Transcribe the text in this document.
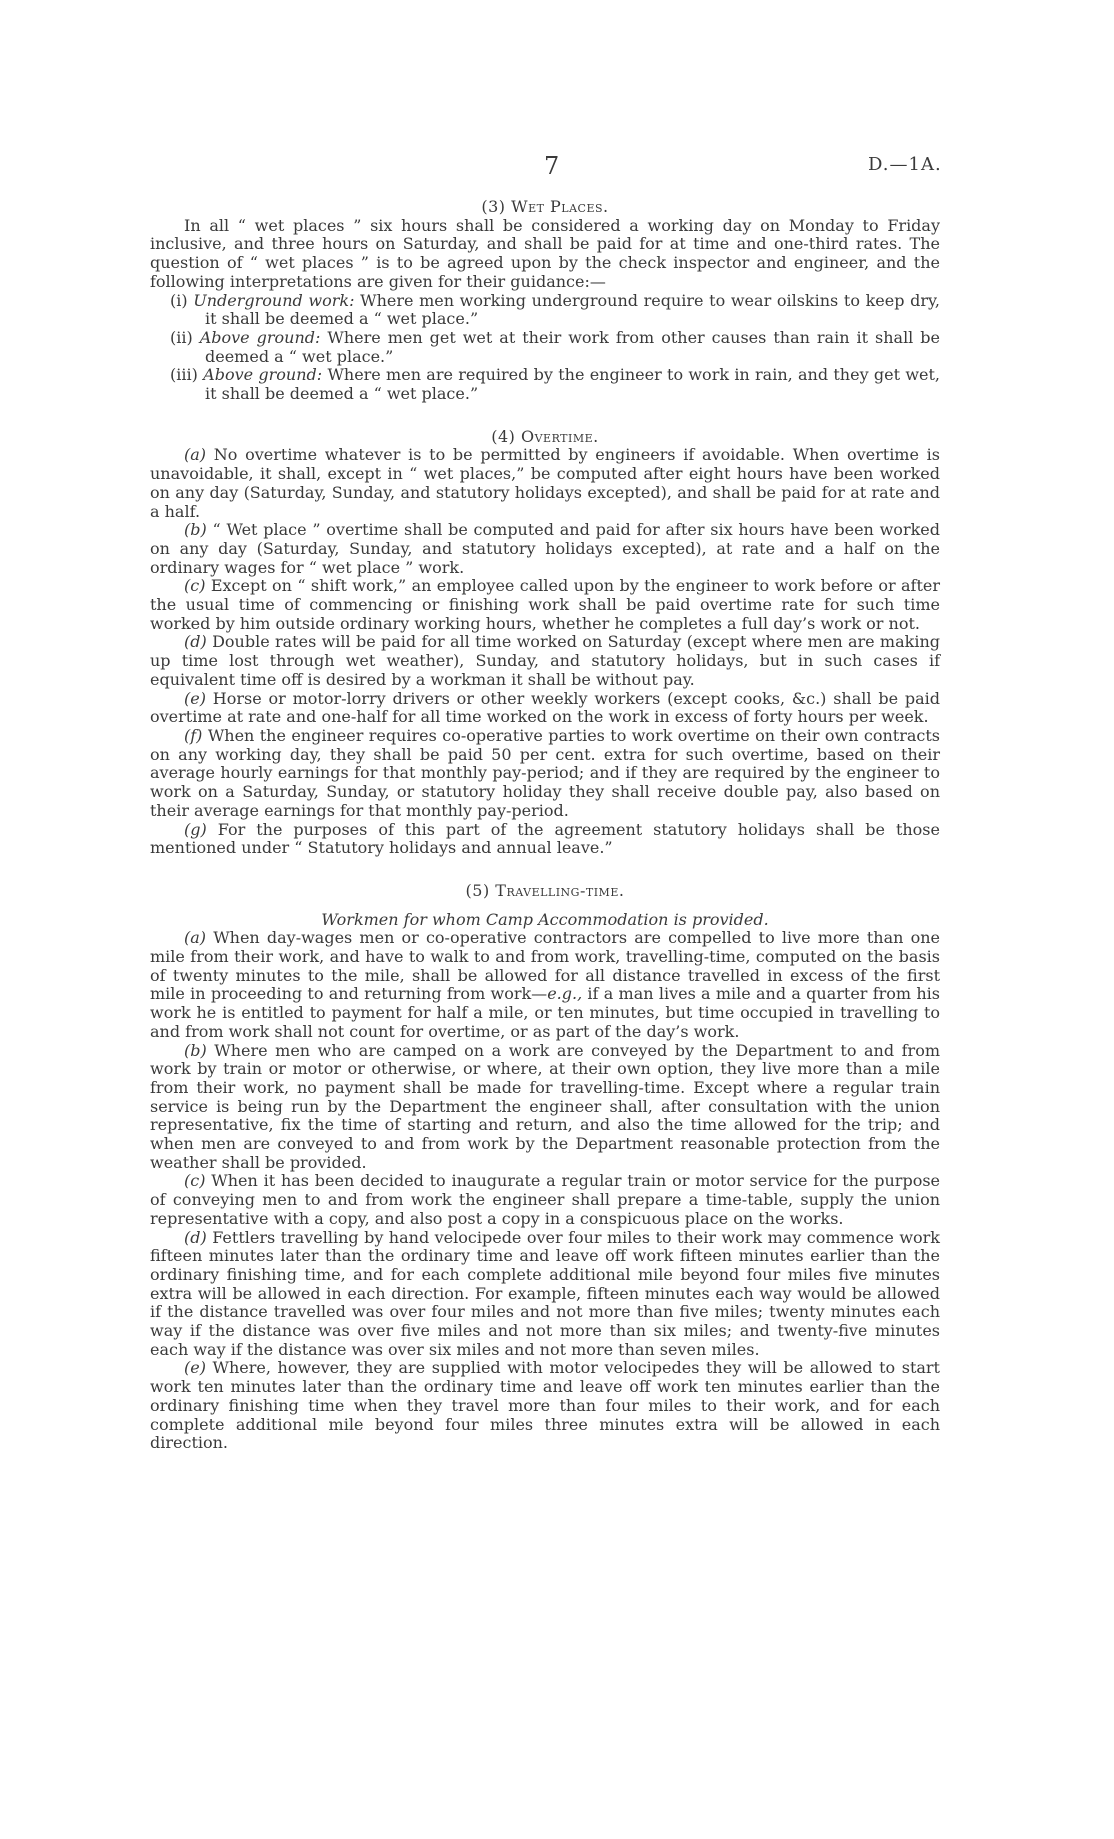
7	D.—1A.

(3) Wet Places.

In all “ wet places ” six hours shall be considered a working day on Monday to Friday inclusive, and three hours on Saturday, and shall be paid for at time and one-third rates. The question of “ wet places ” is to be agreed upon by the check inspector and engineer, and the following interpretations are given for their guidance:—

(i) Underground work: Where men working underground require to wear oilskins to keep dry, it shall be deemed a “ wet place.”

(ii) Above ground: Where men get wet at their work from other causes than rain it shall be deemed a “ wet place.”

(iii) Above ground: Where men are required by the engineer to work in rain, and they get wet, it shall be deemed a “ wet place.”

(4) Overtime.

(a) No overtime whatever is to be permitted by engineers if avoidable. When overtime is unavoidable, it shall, except in “ wet places,” be computed after eight hours have been worked on any day (Saturday, Sunday, and statutory holidays excepted), and shall be paid for at rate and a half.

(b) “ Wet place ” overtime shall be computed and paid for after six hours have been worked on any day (Saturday, Sunday, and statutory holidays excepted), at rate and a half on the ordinary wages for “ wet place ” work.

(c) Except on “ shift work,” an employee called upon by the engineer to work before or after the usual time of commencing or finishing work shall be paid overtime rate for such time worked by him outside ordinary working hours, whether he completes a full day’s work or not.

(d) Double rates will be paid for all time worked on Saturday (except where men are making up time lost through wet weather), Sunday, and statutory holidays, but in such cases if equivalent time off is desired by a workman it shall be without pay.

(e) Horse or motor-lorry drivers or other weekly workers (except cooks, &c.) shall be paid overtime at rate and one-half for all time worked on the work in excess of forty hours per week.

(f) When the engineer requires co-operative parties to work overtime on their own contracts on any working day, they shall be paid 50 per cent. extra for such overtime, based on their average hourly earnings for that monthly pay-period; and if they are required by the engineer to work on a Saturday, Sunday, or statutory holiday they shall receive double pay, also based on their average earnings for that monthly pay-period.

(g) For the purposes of this part of the agreement statutory holidays shall be those mentioned under “ Statutory holidays and annual leave.”

(5) Travelling-time.

Workmen for whom Camp Accommodation is provided.

(a) When day-wages men or co-operative contractors are compelled to live more than one mile from their work, and have to walk to and from work, travelling-time, computed on the basis of twenty minutes to the mile, shall be allowed for all distance travelled in excess of the first mile in proceeding to and returning from work—e.g., if a man lives a mile and a quarter from his work he is entitled to payment for half a mile, or ten minutes, but time occupied in travelling to and from work shall not count for overtime, or as part of the day’s work.

(b) Where men who are camped on a work are conveyed by the Department to and from work by train or motor or otherwise, or where, at their own option, they live more than a mile from their work, no payment shall be made for travelling-time. Except where a regular train service is being run by the Department the engineer shall, after consultation with the union representative, fix the time of starting and return, and also the time allowed for the trip; and when men are conveyed to and from work by the Department reasonable protection from the weather shall be provided.

(c) When it has been decided to inaugurate a regular train or motor service for the purpose of conveying men to and from work the engineer shall prepare a time-table, supply the union representative with a copy, and also post a copy in a conspicuous place on the works.

(d) Fettlers travelling by hand velocipede over four miles to their work may commence work fifteen minutes later than the ordinary time and leave off work fifteen minutes earlier than the ordinary finishing time, and for each complete additional mile beyond four miles five minutes extra will be allowed in each direction. For example, fifteen minutes each way would be allowed if the distance travelled was over four miles and not more than five miles; twenty minutes each way if the distance was over five miles and not more than six miles; and twenty-five minutes each way if the distance was over six miles and not more than seven miles.

(e) Where, however, they are supplied with motor velocipedes they will be allowed to start work ten minutes later than the ordinary time and leave off work ten minutes earlier than the ordinary finishing time when they travel more than four miles to their work, and for each complete additional mile beyond four miles three minutes extra will be allowed in each direction.
